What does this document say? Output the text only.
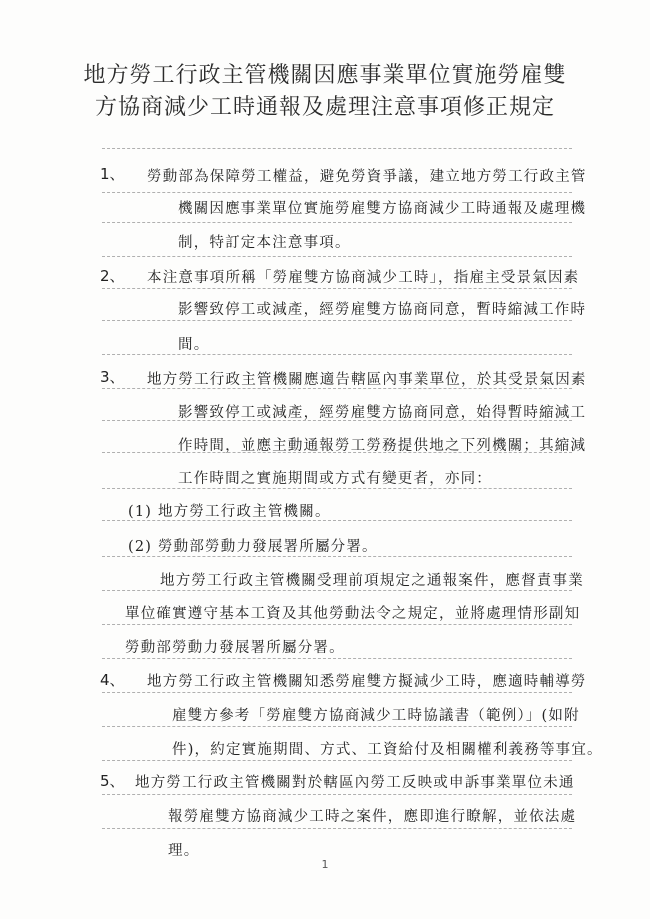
地方勞工行政主管機關因應事業單位實施勞雇雙
方協商減少工時通報及處理注意事項修正規定
1、 勞動部為保障勞工權益，避免勞資爭議，建立地方勞工行政主管
機關因應事業單位實施勞雇雙方協商減少工時通報及處理機
制，特訂定本注意事項。
2、 本注意事項所稱「勞雇雙方協商減少工時」，指雇主受景氣因素
影響致停工或減產，經勞雇雙方協商同意，暫時縮減工作時
間。
3、 地方勞工行政主管機關應適告轄區內事業單位，於其受景氣因素
影響致停工或減產，經勞雇雙方協商同意，始得暫時縮減工
作時間，並應主動通報勞工勞務提供地之下列機關；其縮減
工作時間之實施期間或方式有變更者，亦同：
(1) 地方勞工行政主管機關。
(2) 勞動部勞動力發展署所屬分署。
地方勞工行政主管機關受理前項規定之通報案件，應督責事業
單位確實遵守基本工資及其他勞動法令之規定，並將處理情形副知
勞動部勞動力發展署所屬分署。
4、 地方勞工行政主管機關知悉勞雇雙方擬減少工時，應適時輔導勞
雇雙方參考「勞雇雙方協商減少工時協議書（範例）」(如附
件)，約定實施期間、方式、工資給付及相關權利義務等事宜。
5、 地方勞工行政主管機關對於轄區內勞工反映或申訴事業單位未通
報勞雇雙方協商減少工時之案件，應即進行瞭解，並依法處
理。
1
